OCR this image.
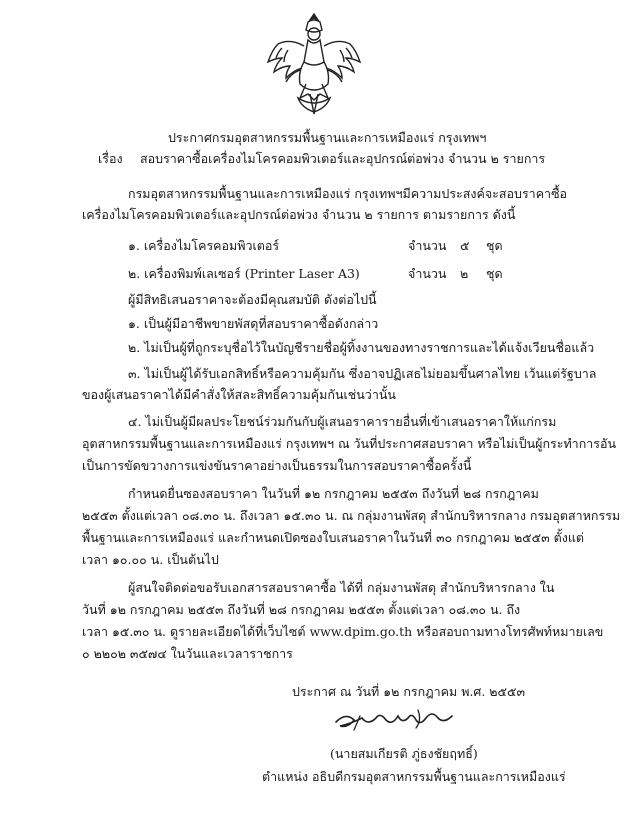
ประกาศกรมอุตสาหกรรมพื้นฐานและการเหมืองแร่ กรุงเทพฯ
เรื่อง สอบราคาซื้อเครื่องไมโครคอมพิวเตอร์และอุปกรณ์ต่อพ่วง จำนวน ๒ รายการ
กรมอุตสาหกรรมพื้นฐานและการเหมืองแร่ กรุงเทพฯมีความประสงค์จะสอบราคาซื้อ
เครื่องไมโครคอมพิวเตอร์และอุปกรณ์ต่อพ่วง จำนวน ๒ รายการ ตามรายการ ดังนี้
๑. เครื่องไมโครคอมพิวเตอร์	จำนวน ๕ ชุด
๒. เครื่องพิมพ์เลเซอร์ (Printer Laser A3)	จำนวน ๒ ชุด
ผู้มีสิทธิเสนอราคาจะต้องมีคุณสมบัติ ดังต่อไปนี้
๑. เป็นผู้มีอาชีพขายพัสดุที่สอบราคาซื้อดังกล่าว
๒. ไม่เป็นผู้ที่ถูกระบุชื่อไว้ในบัญชีรายชื่อผู้ทิ้งงานของทางราชการและได้แจ้งเวียนชื่อแล้ว
๓. ไม่เป็นผู้ได้รับเอกสิทธิ์หรือความคุ้มกัน ซึ่งอาจปฏิเสธไม่ยอมขึ้นศาลไทย เว้นแต่รัฐบาล
ของผู้เสนอราคาได้มีคำสั่งให้สละสิทธิ์ความคุ้มกันเช่นว่านั้น
๔. ไม่เป็นผู้มีผลประโยชน์ร่วมกันกับผู้เสนอราคารายอื่นที่เข้าเสนอราคาให้แก่กรม
อุตสาหกรรมพื้นฐานและการเหมืองแร่ กรุงเทพฯ ณ วันที่ประกาศสอบราคา หรือไม่เป็นผู้กระทำการอัน
เป็นการขัดขวางการแข่งขันราคาอย่างเป็นธรรมในการสอบราคาซื้อครั้งนี้
กำหนดยื่นซองสอบราคา ในวันที่ ๑๒ กรกฎาคม ๒๕๕๓ ถึงวันที่ ๒๘ กรกฎาคม
๒๕๕๓ ตั้งแต่เวลา ๐๘.๓๐ น. ถึงเวลา ๑๕.๓๐ น. ณ กลุ่มงานพัสดุ สำนักบริหารกลาง กรมอุตสาหกรรม
พื้นฐานและการเหมืองแร่ และกำหนดเปิดซองใบเสนอราคาในวันที่ ๓๐ กรกฎาคม ๒๕๕๓ ตั้งแต่
เวลา ๑๐.๐๐ น. เป็นต้นไป
ผู้สนใจติดต่อขอรับเอกสารสอบราคาซื้อ ได้ที่ กลุ่มงานพัสดุ สำนักบริหารกลาง ใน
วันที่ ๑๒ กรกฎาคม ๒๕๕๓ ถึงวันที่ ๒๘ กรกฎาคม ๒๕๕๓ ตั้งแต่เวลา ๐๘.๓๐ น. ถึง
เวลา ๑๕.๓๐ น. ดูรายละเอียดได้ที่เว็บไซต์ www.dpim.go.th หรือสอบถามทางโทรศัพท์หมายเลข
๐ ๒๒๐๒ ๓๕๗๔ ในวันและเวลาราชการ
ประกาศ ณ วันที่ ๑๒ กรกฎาคม พ.ศ. ๒๕๕๓
(นายสมเกียรติ ภู่ธงชัยฤทธิ์)
ตำแหน่ง อธิบดีกรมอุตสาหกรรมพื้นฐานและการเหมืองแร่
